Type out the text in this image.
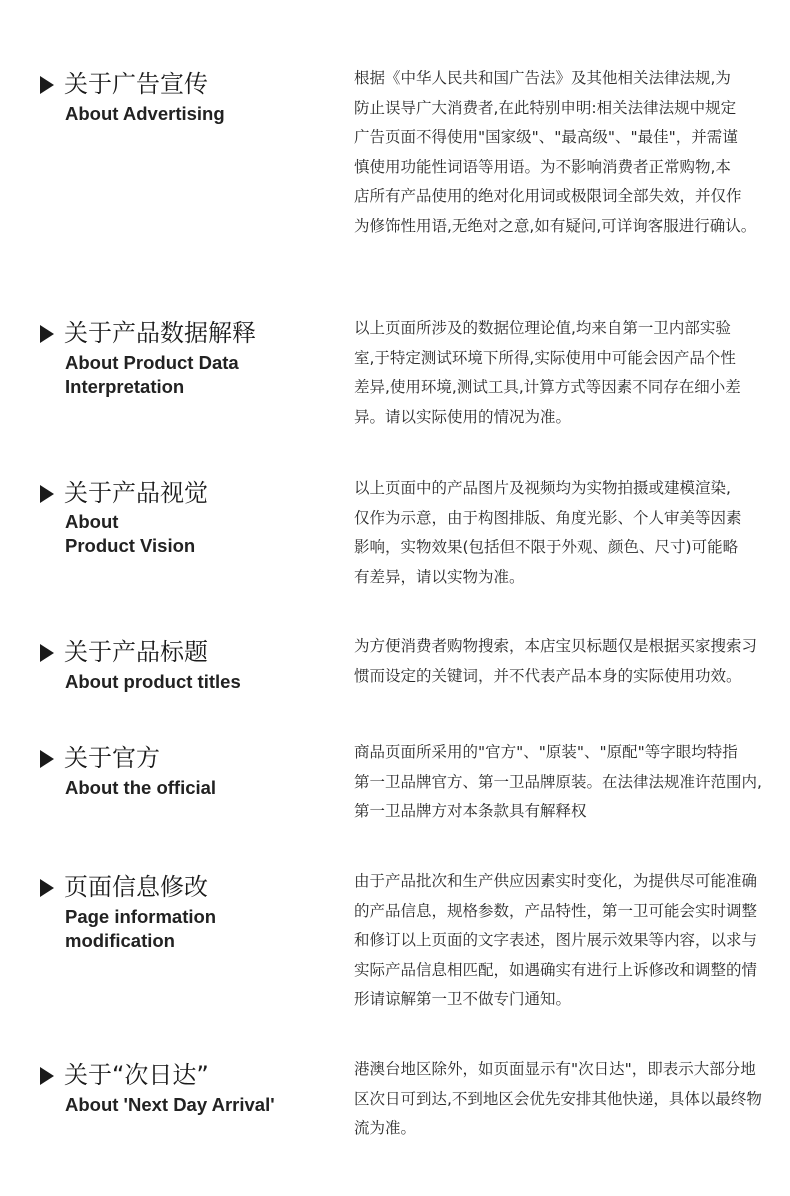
关于广告宣传
About Advertising
根据《中华人民共和国广告法》及其他相关法律法规,为
防止误导广大消费者,在此特别申明:相关法律法规中规定
广告页面不得使用"国家级"、"最高级"、"最佳"，并需谨
慎使用功能性词语等用语。为不影响消费者正常购物,本
店所有产品使用的绝对化用词或极限词全部失效，并仅作
为修饰性用语,无绝对之意,如有疑问,可详询客服进行确认。
关于产品数据解释
About Product Data
Interpretation
以上页面所涉及的数据位理论值,均来自第一卫内部实验
室,于特定测试环境下所得,实际使用中可能会因产品个性
差异,使用环境,测试工具,计算方式等因素不同存在细小差
异。请以实际使用的情况为准。
关于产品视觉
About
Product Vision
以上页面中的产品图片及视频均为实物拍摄或建模渲染,
仅作为示意，由于构图排版、角度光影、个人审美等因素
影响，实物效果(包括但不限于外观、颜色、尺寸)可能略
有差异，请以实物为准。
关于产品标题
About product titles
为方便消费者购物搜索，本店宝贝标题仅是根据买家搜索习
惯而设定的关键词，并不代表产品本身的实际使用功效。
关于官方
About the official
商品页面所采用的"官方"、"原装"、"原配"等字眼均特指
第一卫品牌官方、第一卫品牌原装。在法律法规准许范围内,
第一卫品牌方对本条款具有解释权
页面信息修改
Page information
modification
由于产品批次和生产供应因素实时变化，为提供尽可能准确
的产品信息，规格参数，产品特性，第一卫可能会实时调整
和修订以上页面的文字表述，图片展示效果等内容，以求与
实际产品信息相匹配，如遇确实有进行上诉修改和调整的情
形请谅解第一卫不做专门通知。
关于“次日达”
About 'Next Day Arrival'
港澳台地区除外，如页面显示有"次日达"，即表示大部分地
区次日可到达,不到地区会优先安排其他快递，具体以最终物
流为准。
